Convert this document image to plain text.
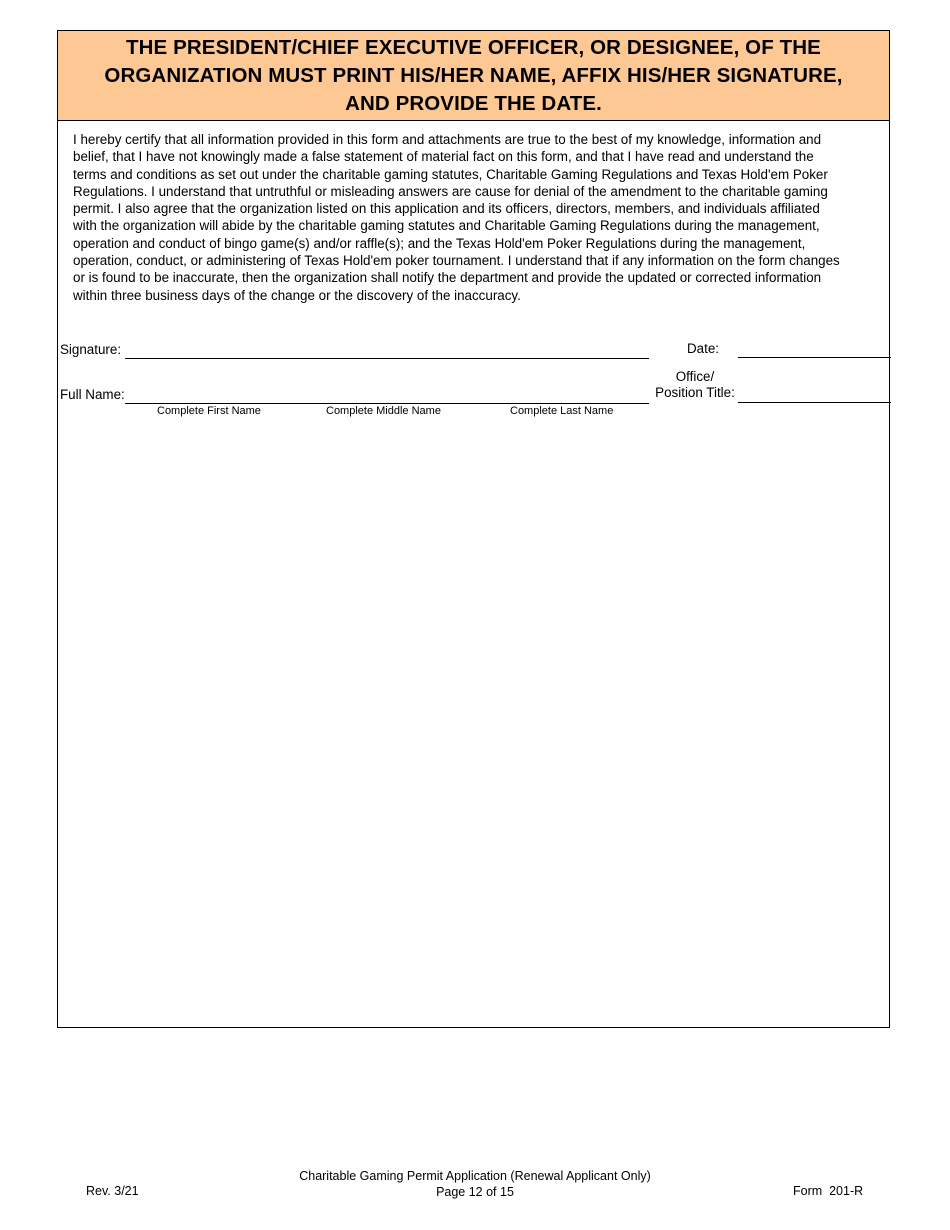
THE PRESIDENT/CHIEF EXECUTIVE OFFICER, OR DESIGNEE, OF THE
ORGANIZATION MUST PRINT HIS/HER NAME, AFFIX HIS/HER SIGNATURE,
AND PROVIDE THE DATE.
I hereby certify that all information provided in this form and attachments are true to the best of my knowledge, information and
belief, that I have not knowingly made a false statement of material fact on this form, and that I have read and understand the
terms and conditions as set out under the charitable gaming statutes, Charitable Gaming Regulations and Texas Hold'em Poker
Regulations. I understand that untruthful or misleading answers are cause for denial of the amendment to the charitable gaming
permit. I also agree that the organization listed on this application and its officers, directors, members, and individuals affiliated
with the organization will abide by the charitable gaming statutes and Charitable Gaming Regulations during the management,
operation and conduct of bingo game(s) and/or raffle(s); and the Texas Hold'em Poker Regulations during the management,
operation, conduct, or administering of Texas Hold'em poker tournament. I understand that if any information on the form changes
or is found to be inaccurate, then the organization shall notify the department and provide the updated or corrected information
within three business days of the change or the discovery of the inaccuracy.
Signature:	Date:
Full Name:
Office/
Position Title:
Complete First Name	Complete Middle Name	Complete Last Name
Rev. 3/21
Charitable Gaming Permit Application (Renewal Applicant Only)
Page 12 of 15	Form  201-R
